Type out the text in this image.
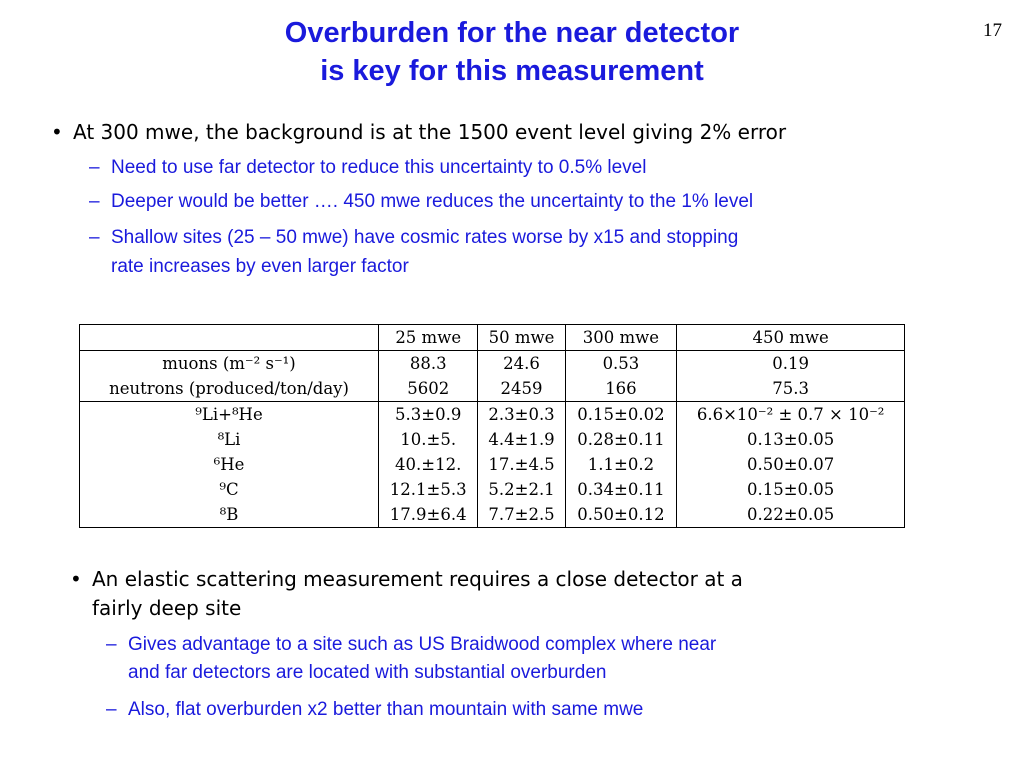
17
Overburden for the near detector
is key for this measurement
• At 300 mwe, the background is at the 1500 event level giving 2% error
– Need to use far detector to reduce this uncertainty to 0.5% level
– Deeper would be better …. 450 mwe reduces the uncertainty to the 1% level
– Shallow sites (25 – 50 mwe) have cosmic rates worse by x15 and stopping
rate increases by even larger factor
	25 mwe	50 mwe	300 mwe	450 mwe
muons (m⁻² s⁻¹)	88.3	24.6	0.53	0.19
neutrons (produced/ton/day)	5602	2459	166	75.3
⁹Li+⁸He	5.3±0.9	2.3±0.3	0.15±0.02	6.6×10⁻² ± 0.7 × 10⁻²
⁸Li	10.±5.	4.4±1.9	0.28±0.11	0.13±0.05
⁶He	40.±12.	17.±4.5	1.1±0.2	0.50±0.07
⁹C	12.1±5.3	5.2±2.1	0.34±0.11	0.15±0.05
⁸B	17.9±6.4	7.7±2.5	0.50±0.12	0.22±0.05
• An elastic scattering measurement requires a close detector at a
fairly deep site
– Gives advantage to a site such as US Braidwood complex where near
and far detectors are located with substantial overburden
– Also, flat overburden x2 better than mountain with same mwe
